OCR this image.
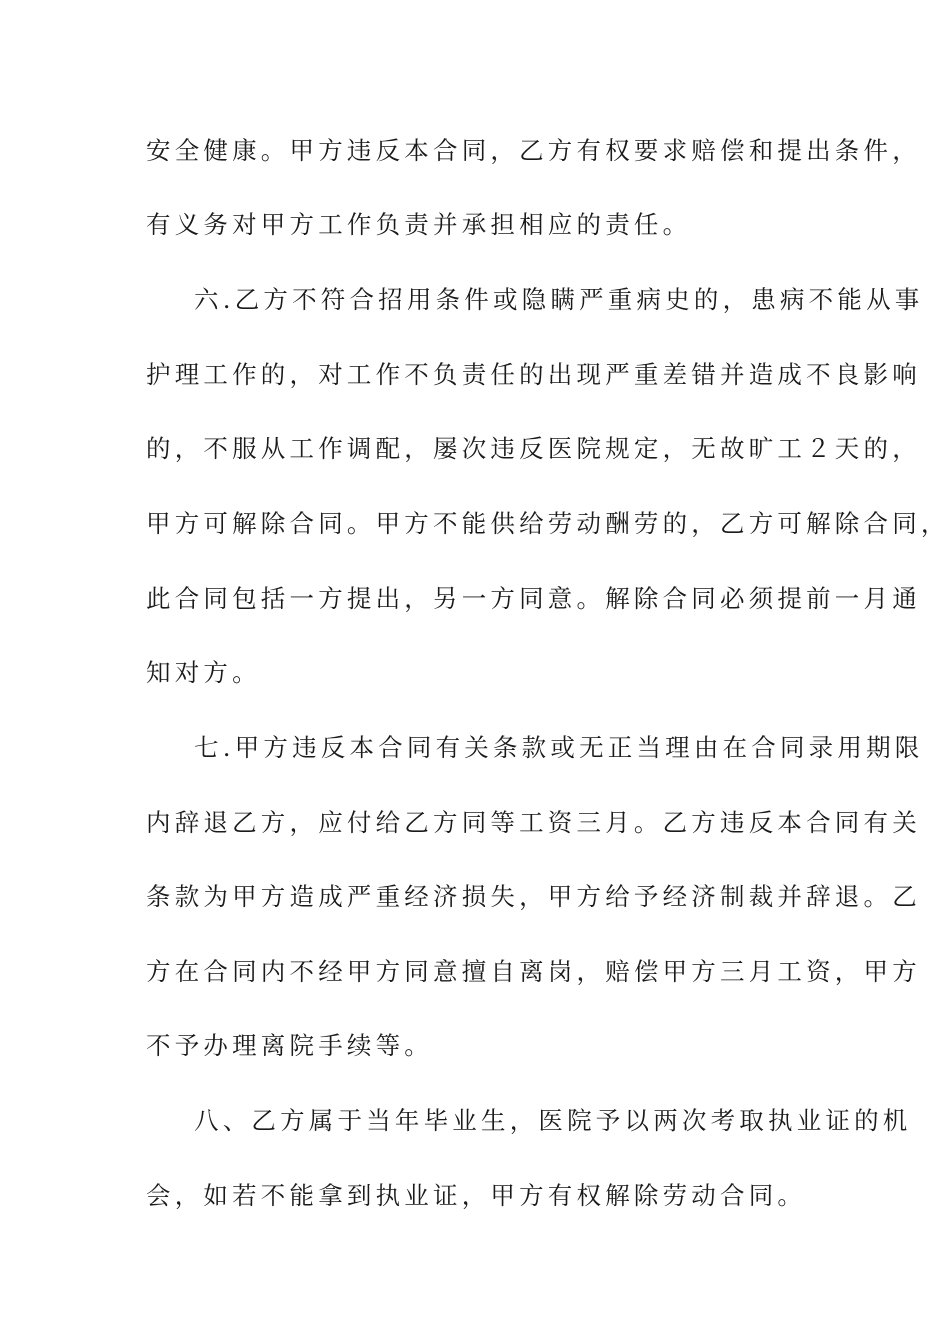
安全健康。甲方违反本合同，乙方有权要求赔偿和提出条件，
有义务对甲方工作负责并承担相应的责任。
六.乙方不符合招用条件或隐瞒严重病史的，患病不能从事
护理工作的，对工作不负责任的出现严重差错并造成不良影响
的，不服从工作调配，屡次违反医院规定，无故旷工２天的，
甲方可解除合同。甲方不能供给劳动酬劳的，乙方可解除合同，
此合同包括一方提出，另一方同意。解除合同必须提前一月通
知对方。
七.甲方违反本合同有关条款或无正当理由在合同录用期限
内辞退乙方，应付给乙方同等工资三月。乙方违反本合同有关
条款为甲方造成严重经济损失，甲方给予经济制裁并辞退。乙
方在合同内不经甲方同意擅自离岗，赔偿甲方三月工资，甲方
不予办理离院手续等。
八、乙方属于当年毕业生，医院予以两次考取执业证的机
会，如若不能拿到执业证，甲方有权解除劳动合同。
